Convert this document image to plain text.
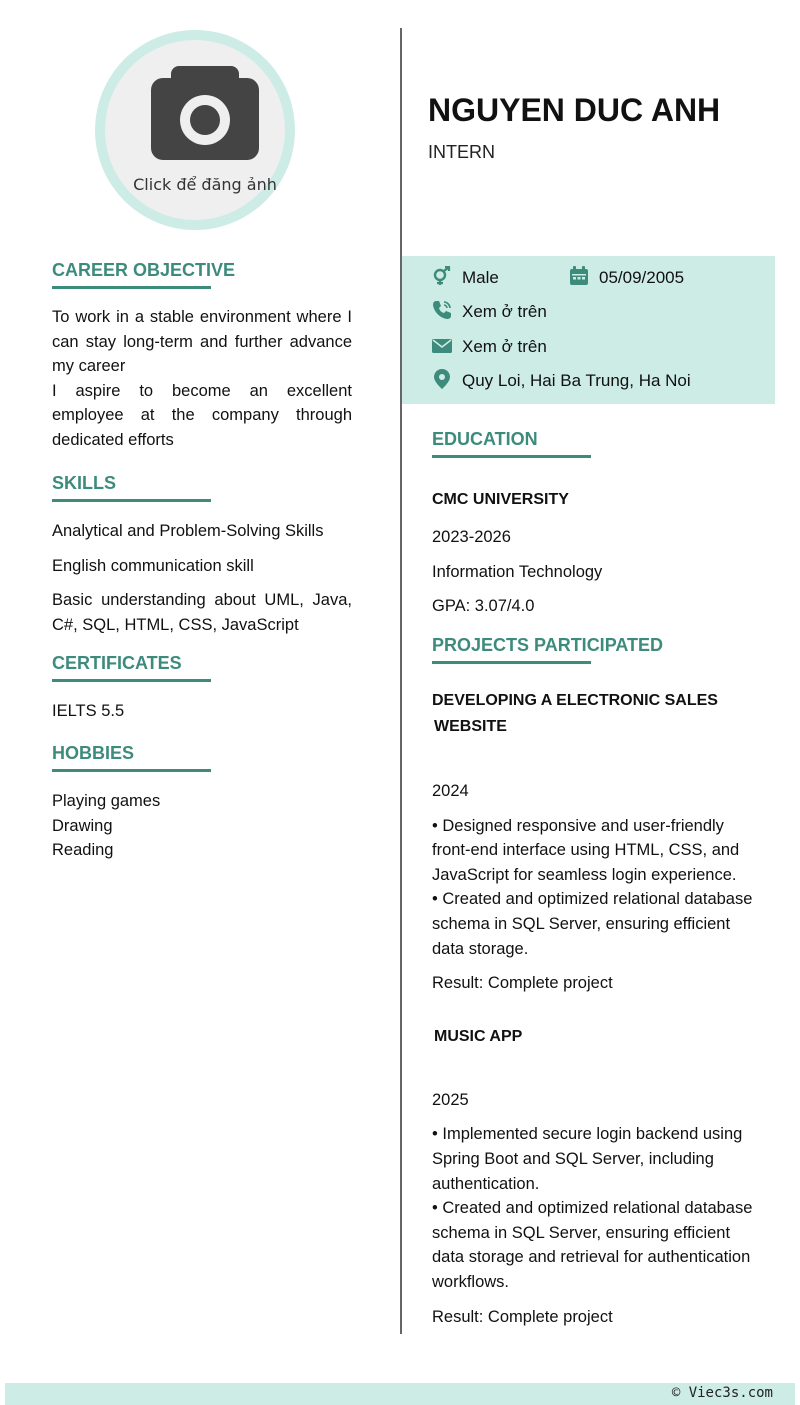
Click để đăng ảnh
CAREER OBJECTIVE
To work in a stable environment where I can stay long-term and further advance my career
I aspire to become an excellent employee at the company through dedicated efforts
SKILLS
Analytical and Problem-Solving Skills
English communication skill
Basic understanding about UML, Java, C#, SQL, HTML, CSS, JavaScript
CERTIFICATES
IELTS 5.5
HOBBIES
Playing games
Drawing
Reading
NGUYEN DUC ANH
INTERN
Male	05/09/2005
Xem ở trên
Xem ở trên
Quy Loi, Hai Ba Trung, Ha Noi
EDUCATION
CMC UNIVERSITY
2023-2026
Information Technology
GPA: 3.07/4.0
PROJECTS PARTICIPATED
DEVELOPING A ELECTRONIC SALES
WEBSITE
2024
• Designed responsive and user-friendly front-end interface using HTML, CSS, and JavaScript for seamless login experience.
• Created and optimized relational database schema in SQL Server, ensuring efficient data storage.
Result: Complete project
MUSIC APP
2025
• Implemented secure login backend using Spring Boot and SQL Server, including authentication.
• Created and optimized relational database schema in SQL Server, ensuring efficient data storage and retrieval for authentication
workflows.
Result: Complete project
© Viec3s.com
